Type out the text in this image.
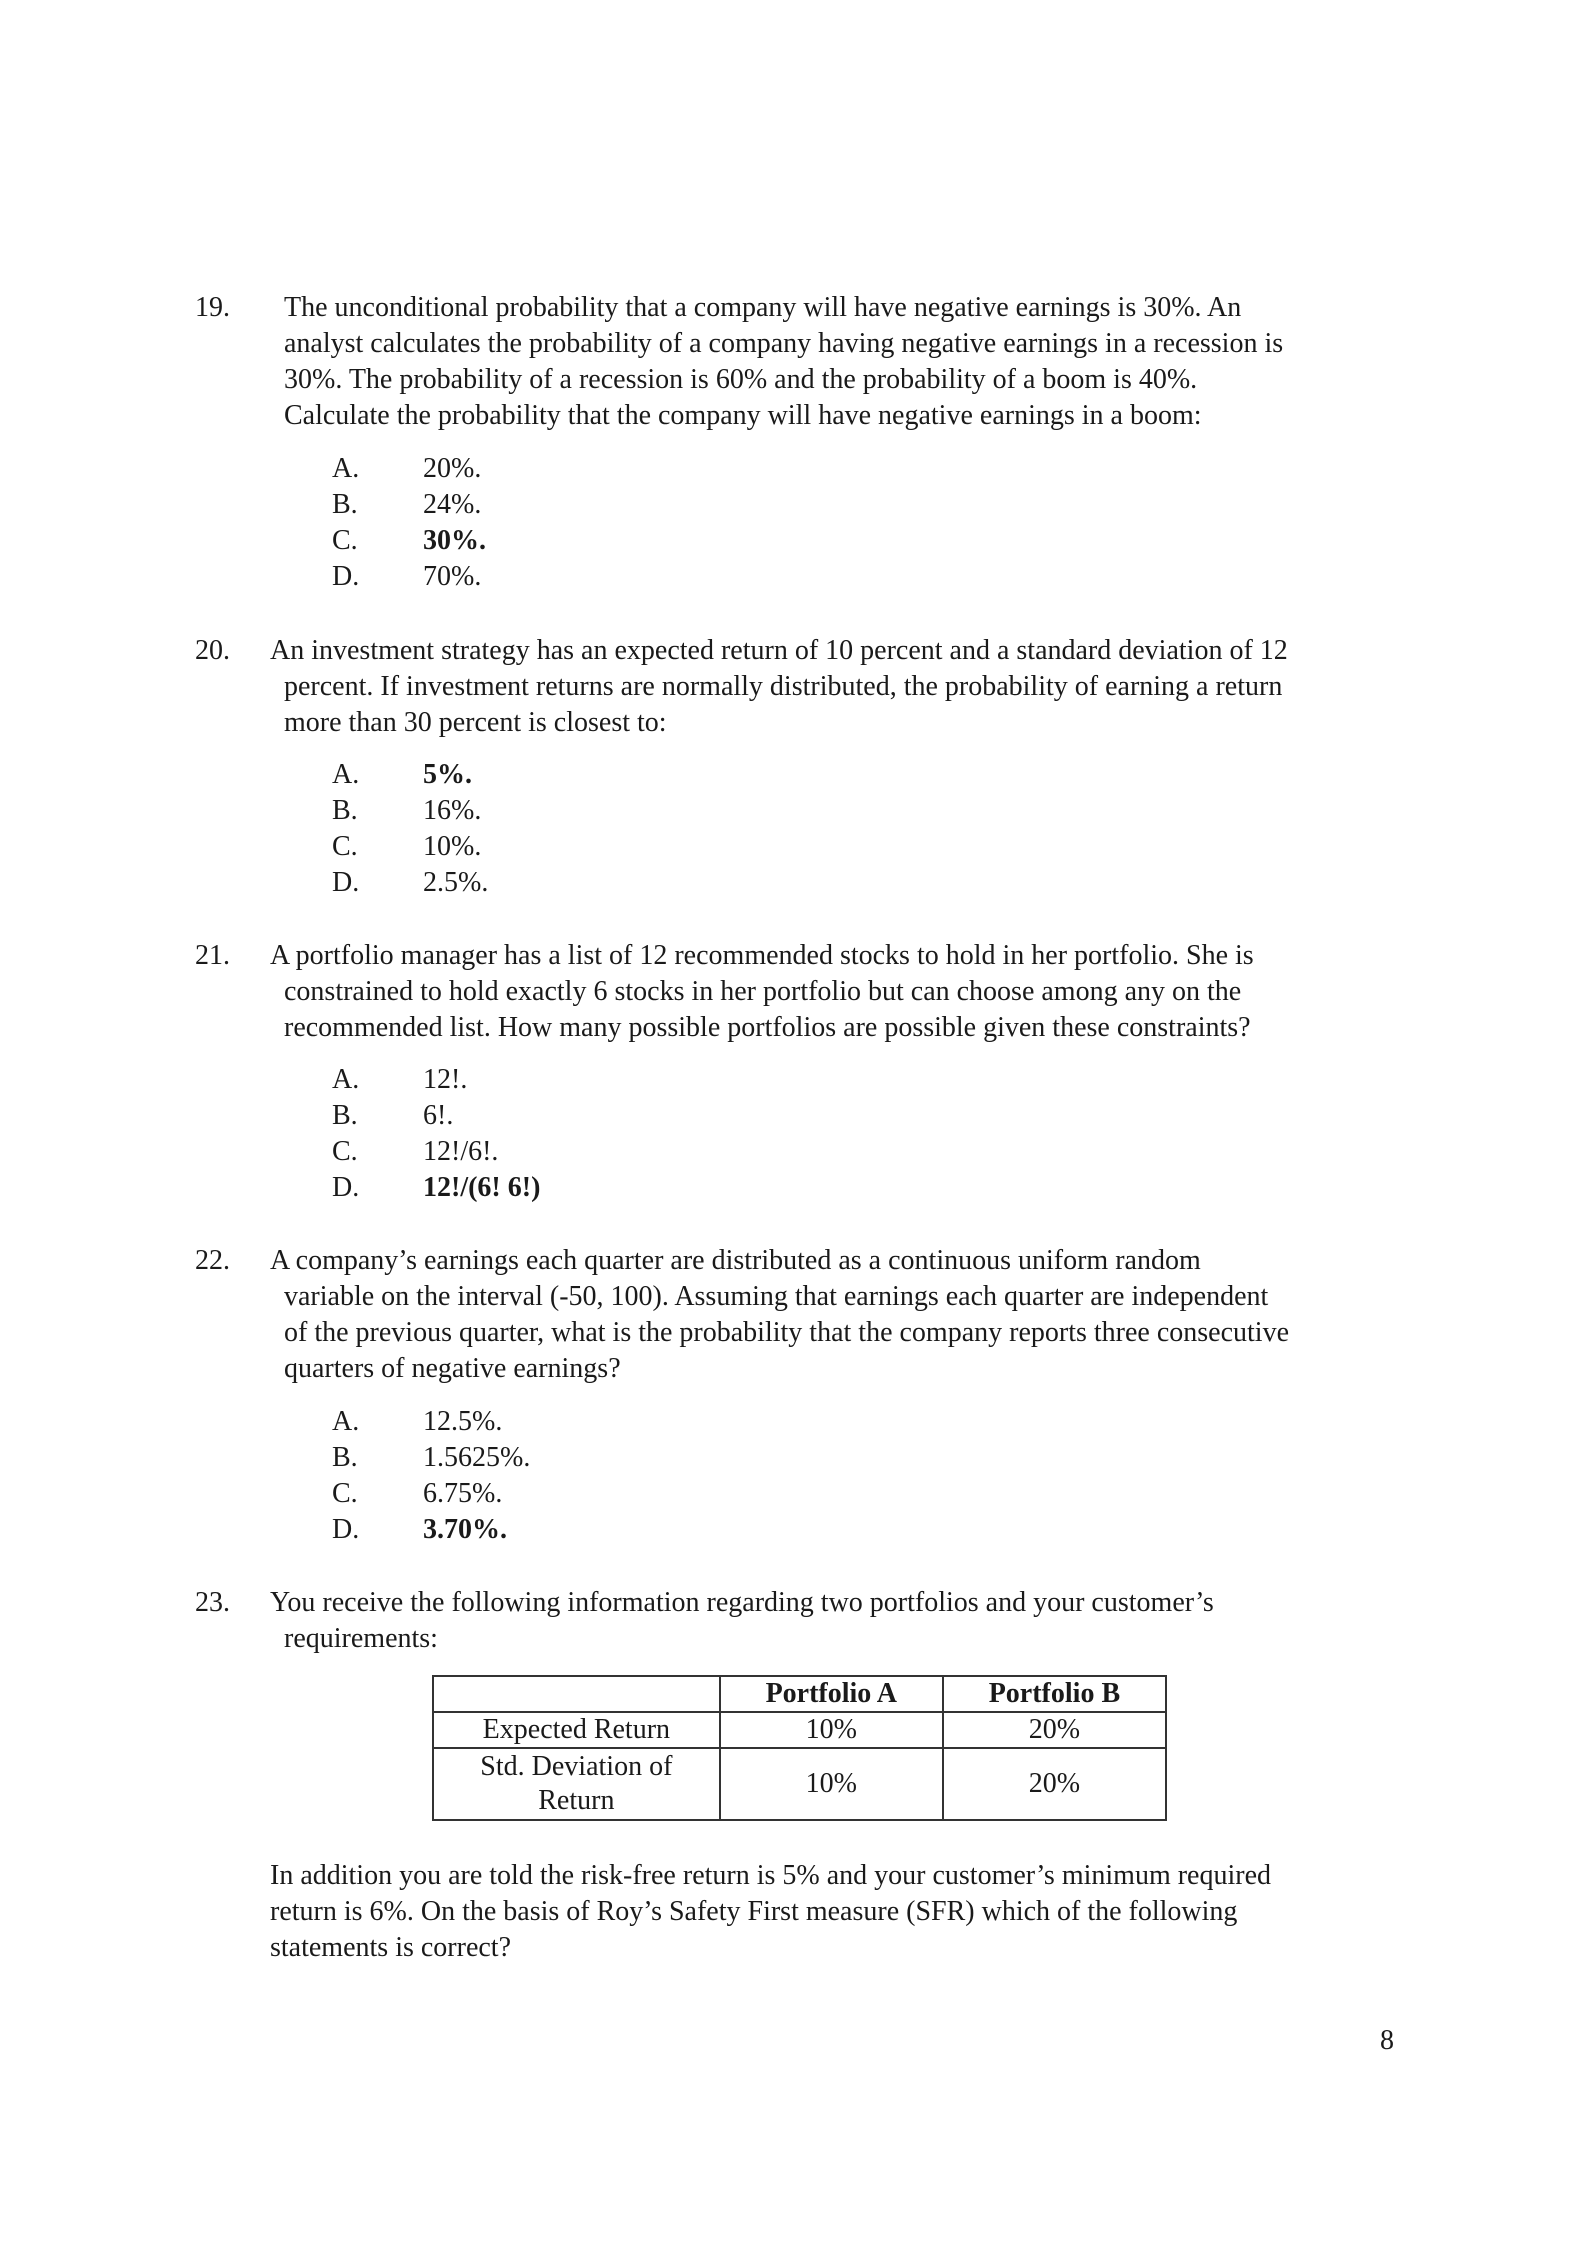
19. The unconditional probability that a company will have negative earnings is 30%. An
analyst calculates the probability of a company having negative earnings in a recession is
30%. The probability of a recession is 60% and the probability of a boom is 40%.
Calculate the probability that the company will have negative earnings in a boom:
A. 20%.
B. 24%.
C. 30%.
D. 70%.
20. An investment strategy has an expected return of 10 percent and a standard deviation of 12
percent. If investment returns are normally distributed, the probability of earning a return
more than 30 percent is closest to:
A. 5%.
B. 16%.
C. 10%.
D. 2.5%.
21. A portfolio manager has a list of 12 recommended stocks to hold in her portfolio. She is
constrained to hold exactly 6 stocks in her portfolio but can choose among any on the
recommended list. How many possible portfolios are possible given these constraints?
A. 12!.
B. 6!.
C. 12!/6!.
D. 12!/(6! 6!)
22. A company’s earnings each quarter are distributed as a continuous uniform random
variable on the interval (-50, 100). Assuming that earnings each quarter are independent
of the previous quarter, what is the probability that the company reports three consecutive
quarters of negative earnings?
A. 12.5%.
B. 1.5625%.
C. 6.75%.
D. 3.70%.
23. You receive the following information regarding two portfolios and your customer’s
requirements:
	Portfolio A	Portfolio B
Expected Return	10%	20%

Std. Deviation of
Return	10%	20%
In addition you are told the risk-free return is 5% and your customer’s minimum required
return is 6%. On the basis of Roy’s Safety First measure (SFR) which of the following
statements is correct?
8
